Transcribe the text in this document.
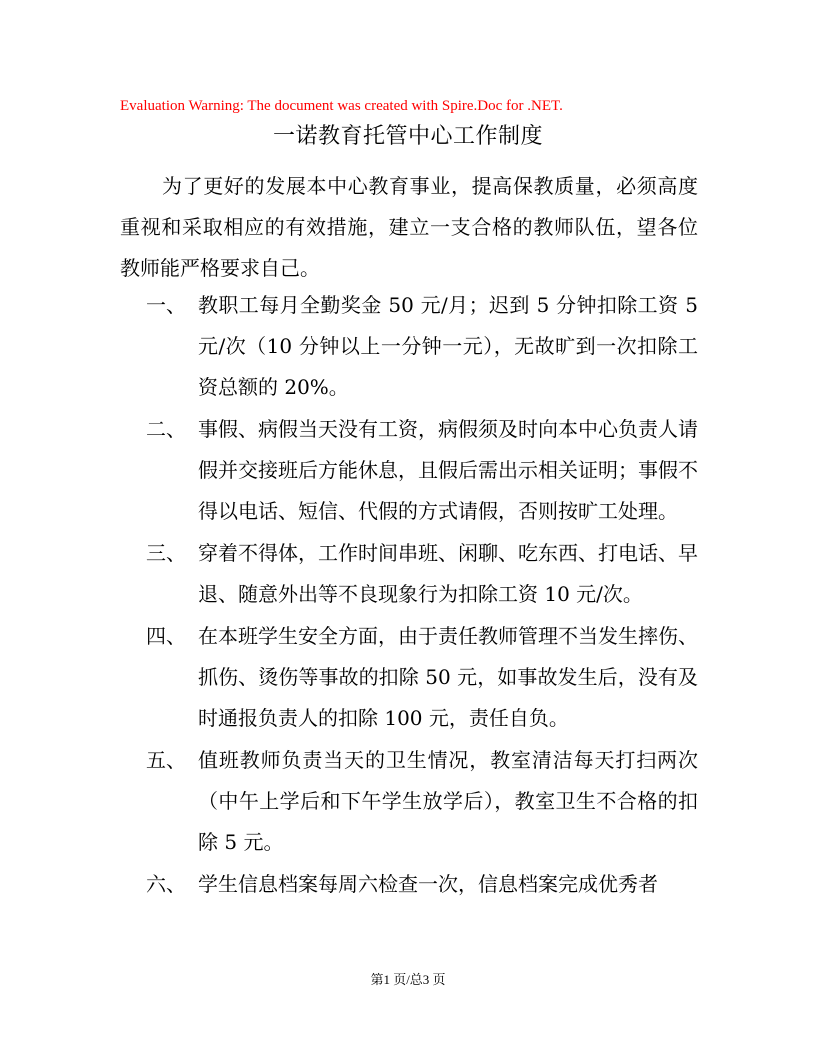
Evaluation Warning: The document was created with Spire.Doc for .NET.
一诺教育托管中心工作制度
为了更好的发展本中心教育事业，提高保教质量，必须高度重视和采取相应的有效措施，建立一支合格的教师队伍，望各位教师能严格要求自己。
一、 教职工每月全勤奖金 50 元/月；迟到 5 分钟扣除工资 5 元/次（10 分钟以上一分钟一元），无故旷到一次扣除工资总额的 20%。
二、 事假、病假当天没有工资，病假须及时向本中心负责人请假并交接班后方能休息，且假后需出示相关证明；事假不得以电话、短信、代假的方式请假，否则按旷工处理。
三、 穿着不得体，工作时间串班、闲聊、吃东西、打电话、早退、随意外出等不良现象行为扣除工资 10 元/次。
四、 在本班学生安全方面，由于责任教师管理不当发生摔伤、抓伤、烫伤等事故的扣除 50 元，如事故发生后，没有及时通报负责人的扣除 100 元，责任自负。
五、 值班教师负责当天的卫生情况，教室清洁每天打扫两次（中午上学后和下午学生放学后），教室卫生不合格的扣除 5 元。
六、 学生信息档案每周六检查一次，信息档案完成优秀者
第1 页/总3 页
